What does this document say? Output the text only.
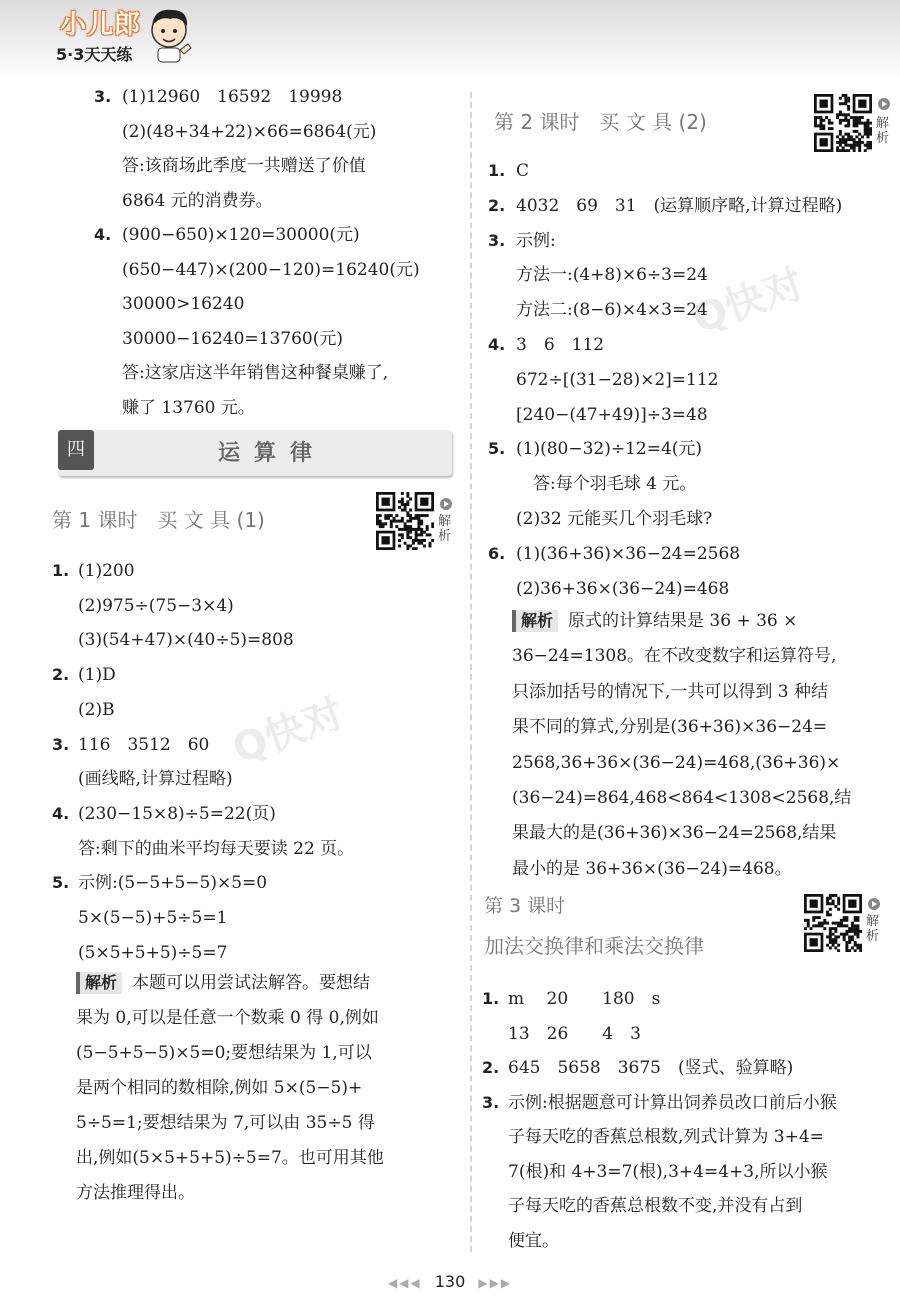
小儿郎
5·3天天练
Q快对
Q快对
3. (1)12960　16592　19998
(2)(48+34+22)×66=6864(元)
答:该商场此季度一共赠送了价值
6864 元的消费券。
4. (900−650)×120=30000(元)
(650−447)×(200−120)=16240(元)
30000>16240
30000−16240=13760(元)
答:这家店这半年销售这种餐桌赚了,
赚了 13760 元。
四	运算律
第 1 课时　买 文 具 (1)	解析
1. (1)200
(2)975÷(75−3×4)
(3)(54+47)×(40÷5)=808
2. (1)D
(2)B
3. 116　3512　60
(画线略,计算过程略)
4. (230−15×8)÷5=22(页)
答:剩下的曲米平均每天要读 22 页。
5. 示例:(5−5+5−5)×5=0
5×(5−5)+5÷5=1
(5×5+5+5)÷5=7
解析 本题可以用尝试法解答。要想结
果为 0,可以是任意一个数乘 0 得 0,例如
(5−5+5−5)×5=0;要想结果为 1,可以
是两个相同的数相除,例如 5×(5−5)+
5÷5=1;要想结果为 7,可以由 35÷5 得
出,例如(5×5+5+5)÷5=7。也可用其他
方法推理得出。
第 2 课时　买 文 具 (2)	解析
1. C
2. 4032　69　31　(运算顺序略,计算过程略)
3. 示例:
方法一:(4+8)×6÷3=24
方法二:(8−6)×4×3=24
4. 3　6　112
672÷[(31−28)×2]=112
[240−(47+49)]÷3=48
5. (1)(80−32)÷12=4(元)
　答:每个羽毛球 4 元。
(2)32 元能买几个羽毛球?
6. (1)(36+36)×36−24=2568
(2)36+36×(36−24)=468
解析 原式的计算结果是 36 + 36 ×
36−24=1308。在不改变数字和运算符号,
只添加括号的情况下,一共可以得到 3 种结
果不同的算式,分别是(36+36)×36−24=
2568,36+36×(36−24)=468,(36+36)×
(36−24)=864,468<864<1308<2568,结
果最大的是(36+36)×36−24=2568,结果
最小的是 36+36×(36−24)=468。
第 3 课时
加法交换律和乘法交换律
解析
1. m　 20　　180　s
13　26　　4　3
2. 645　5658　3675　(竖式、验算略)
3. 示例:根据题意可计算出饲养员改口前后小猴
子每天吃的香蕉总根数,列式计算为 3+4=
7(根)和 4+3=7(根),3+4=4+3,所以小猴
子每天吃的香蕉总根数不变,并没有占到
便宜。
◀◀◀ 130 ▶▶▶
